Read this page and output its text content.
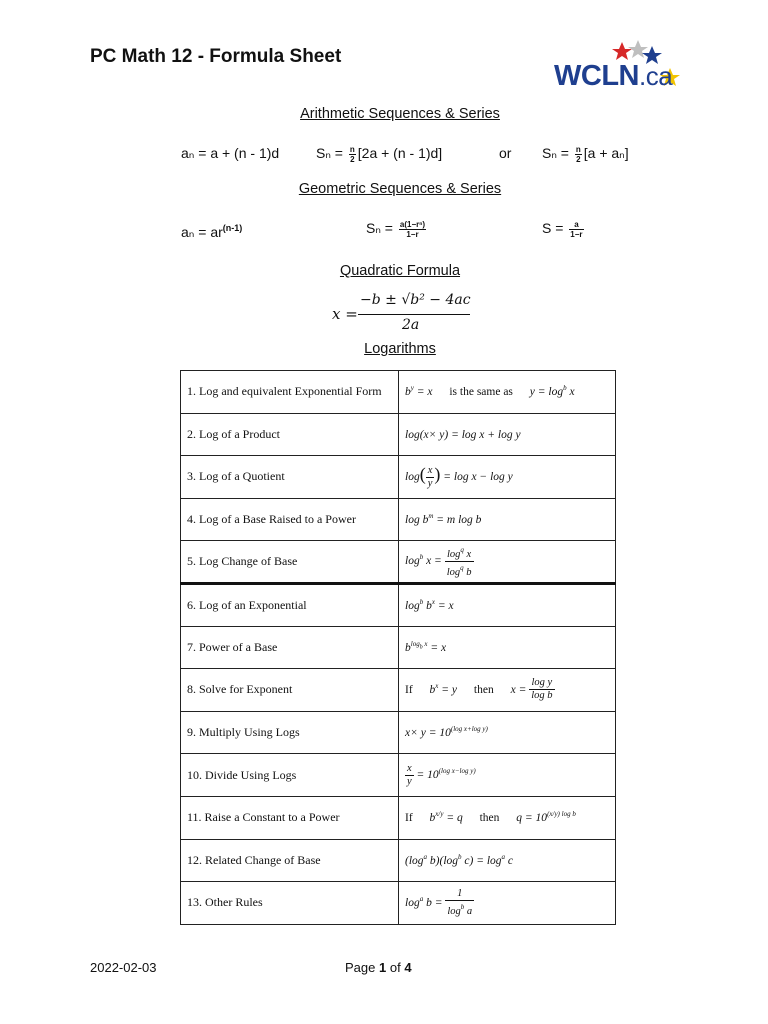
PC Math 12 - Formula Sheet
WCLN.ca
Arithmetic Sequences & Series
aₙ = a + (n - 1)d	$S_n = \frac{n}{2} [2a + (n - 1)d]$	or $S_n = \frac{n}{2} [a + a_n]$
Geometric Sequences & Series
$a_n = ar^{(n-1)}$	$S_n = \frac{\text{a(1−rⁿ)}}{1-r}$	$S = \frac{a}{1-r}$
Quadratic Formula
x =
−b ± √b² − 4ac
2a
Logarithms
1. Log and equivalent Exponential Form	$b^y = x$ is the same as $y = \log_b x$
2. Log of a Product	log(x× y) = log x + log y
3. Log of a Quotient	$\log( \frac{x}{y}$ ) = log x − log y
4. Log of a Base Raised to a Power	$\log b^m = m$ log b
5. Log Change of Base	$\log_b x = \frac{\log_q x}{\log_q b}$

6. Log of an Exponential	$\log_b b^x = x$
7. Power of a Base	$b^{log_b x} = x$
8. Solve for Exponent	If $b^x = y$ then $x = \frac{\text{log y}}{\text{log b}}$

9. Multiply Using Logs	$x\times y = 10^{(log x+log y)}$
10. Divide Using Logs	$\frac{x}{y} = 10^{(log x-log y)}$
11. Raise a Constant to a Power	If $b^{x/y} = q$ then $q = 10^{(x/y) log b}$
12. Related Change of Base	($\log_a$ $b)(\log_b$ $c) = \log_a c$
13. Other Rules	$\log_a b = \frac{1}{\log_b a}$
2022-02-03	Page 1 of 4
